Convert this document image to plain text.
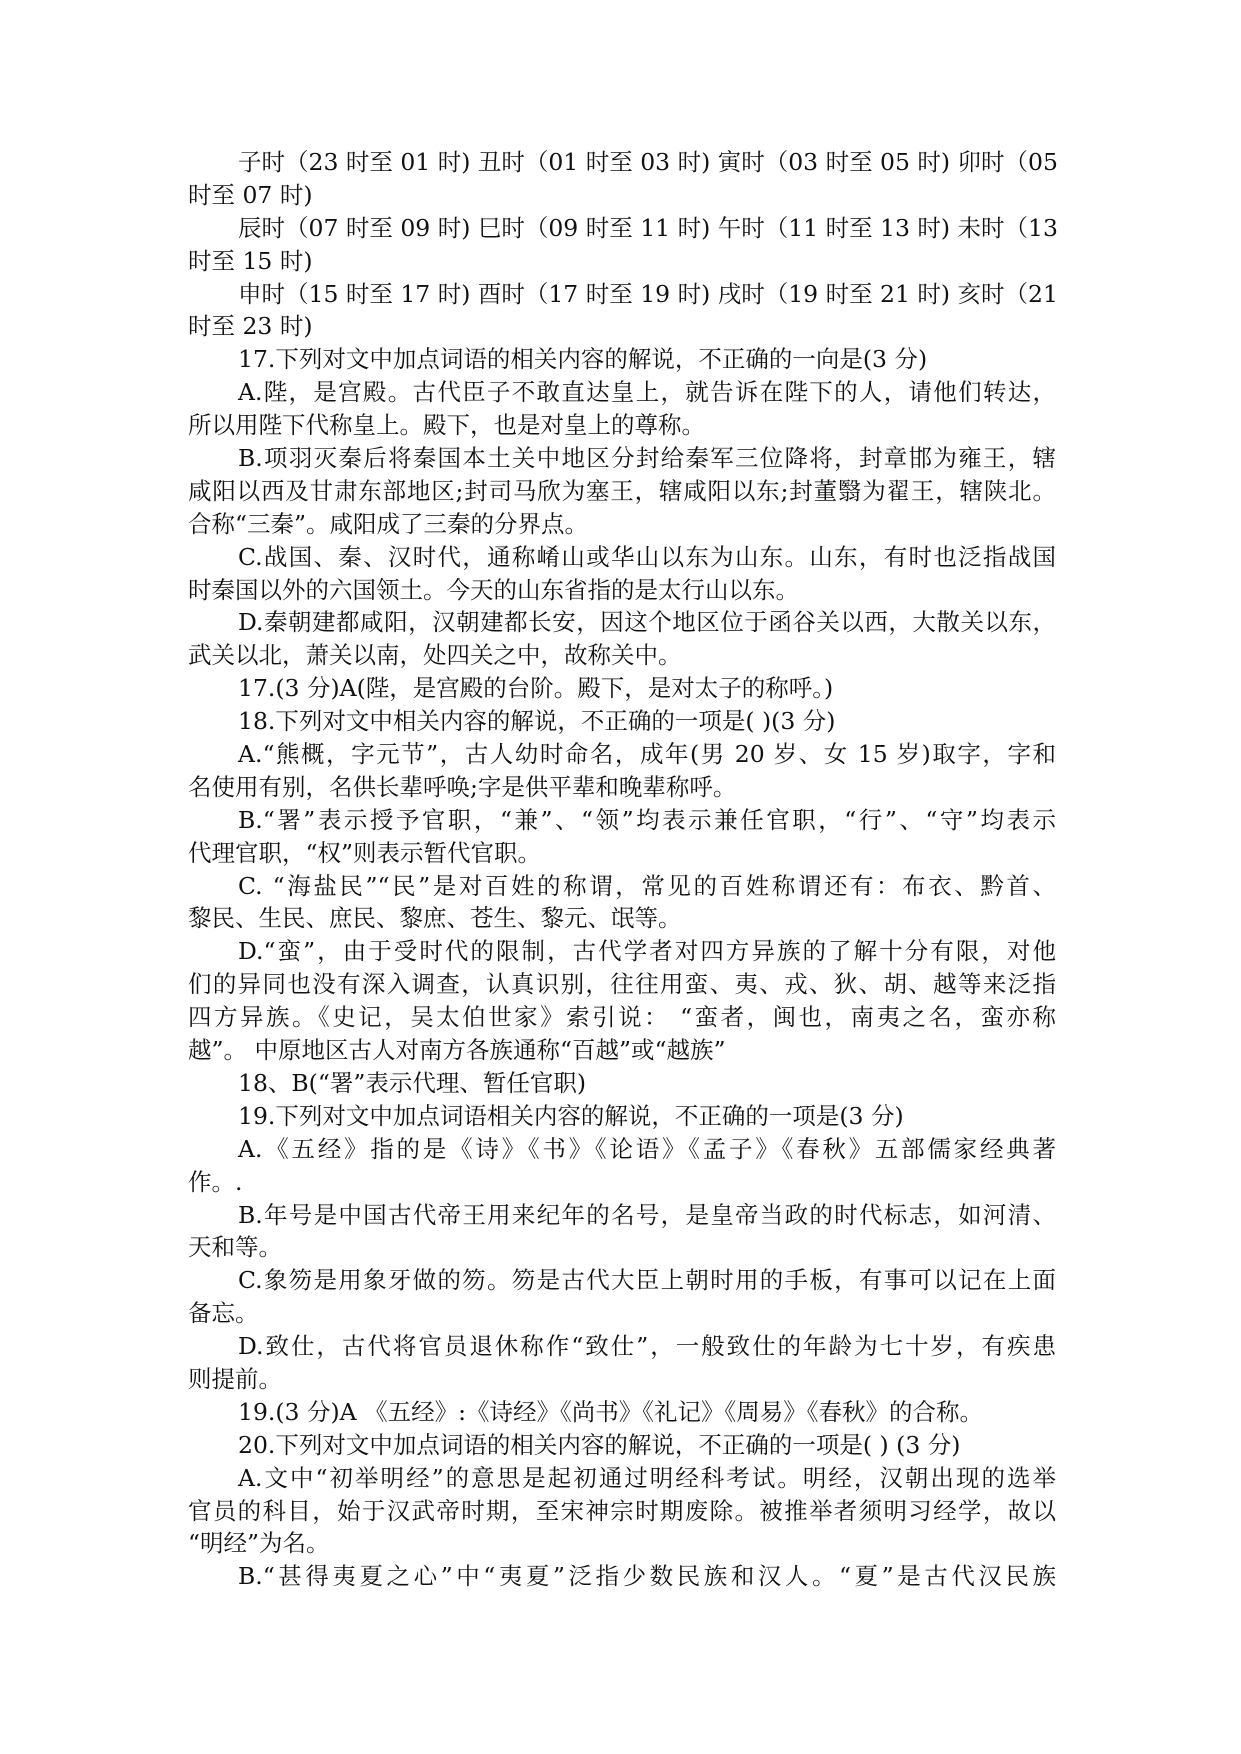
子时（23 时至 01 时) 丑时（01 时至 03 时) 寅时（03 时至 05 时) 卯时（05
时至 07 时)
辰时（07 时至 09 时) 巳时（09 时至 11 时) 午时（11 时至 13 时) 未时（13
时至 15 时)
申时（15 时至 17 时) 酉时（17 时至 19 时) 戌时（19 时至 21 时) 亥时（21
时至 23 时)
17.下列对文中加点词语的相关内容的解说，不正确的一向是(3 分)
A.陛，是宫殿。古代臣子不敢直达皇上，就告诉在陛下的人，请他们转达，
所以用陛下代称皇上。殿下，也是对皇上的尊称。
B.项羽灭秦后将秦国本土关中地区分封给秦军三位降将，封章邯为雍王，辖
咸阳以西及甘肃东部地区;封司马欣为塞王，辖咸阳以东;封董翳为翟王，辖陕北。
合称“三秦”。咸阳成了三秦的分界点。
C.战国、秦、汉时代，通称崤山或华山以东为山东。山东，有时也泛指战国
时秦国以外的六国领土。今天的山东省指的是太行山以东。
D.秦朝建都咸阳，汉朝建都长安，因这个地区位于函谷关以西，大散关以东，
武关以北，萧关以南，处四关之中，故称关中。
17.(3 分)A(陛，是宫殿的台阶。殿下，是对太子的称呼。)
18.下列对文中相关内容的解说，不正确的一项是( )(3 分)
A.“熊概，字元节”，古人幼时命名，成年(男 20 岁、女 15 岁)取字，字和
名使用有别，名供长辈呼唤;字是供平辈和晚辈称呼。
B.“署”表示授予官职，“兼”、“领”均表示兼任官职，“行”、“守”均表示
代理官职，“权”则表示暂代官职。
C. “海盐民”“民”是对百姓的称谓，常见的百姓称谓还有：布衣、黔首、
黎民、生民、庶民、黎庶、苍生、黎元、氓等。
D.“蛮”，由于受时代的限制，古代学者对四方异族的了解十分有限，对他
们的异同也没有深入调查，认真识别，往往用蛮、夷、戎、狄、胡、越等来泛指
四方异族。《史记，吴太伯世家》索引说： “蛮者，闽也，南夷之名，蛮亦称
越”。 中原地区古人对南方各族通称“百越”或“越族”
18、B(“署”表示代理、暂任官职)
19.下列对文中加点词语相关内容的解说，不正确的一项是(3 分)
A.《五经》指的是《诗》《书》《论语》《孟子》《春秋》五部儒家经典著
作。.
B.年号是中国古代帝王用来纪年的名号，是皇帝当政的时代标志，如河清、
天和等。
C.象笏是用象牙做的笏。笏是古代大臣上朝时用的手板，有事可以记在上面
备忘。
D.致仕，古代将官员退休称作“致仕”，一般致仕的年龄为七十岁，有疾患
则提前。
19.(3 分)A 《五经》:《诗经》《尚书》《礼记》《周易》《春秋》的合称。
20.下列对文中加点词语的相关内容的解说，不正确的一项是( ) (3 分)
A.文中“初举明经”的意思是起初通过明经科考试。明经，汉朝出现的选举
官员的科目，始于汉武帝时期，至宋神宗时期废除。被推举者须明习经学，故以
“明经”为名。
B.“甚得夷夏之心”中“夷夏”泛指少数民族和汉人。“夏”是古代汉民族
